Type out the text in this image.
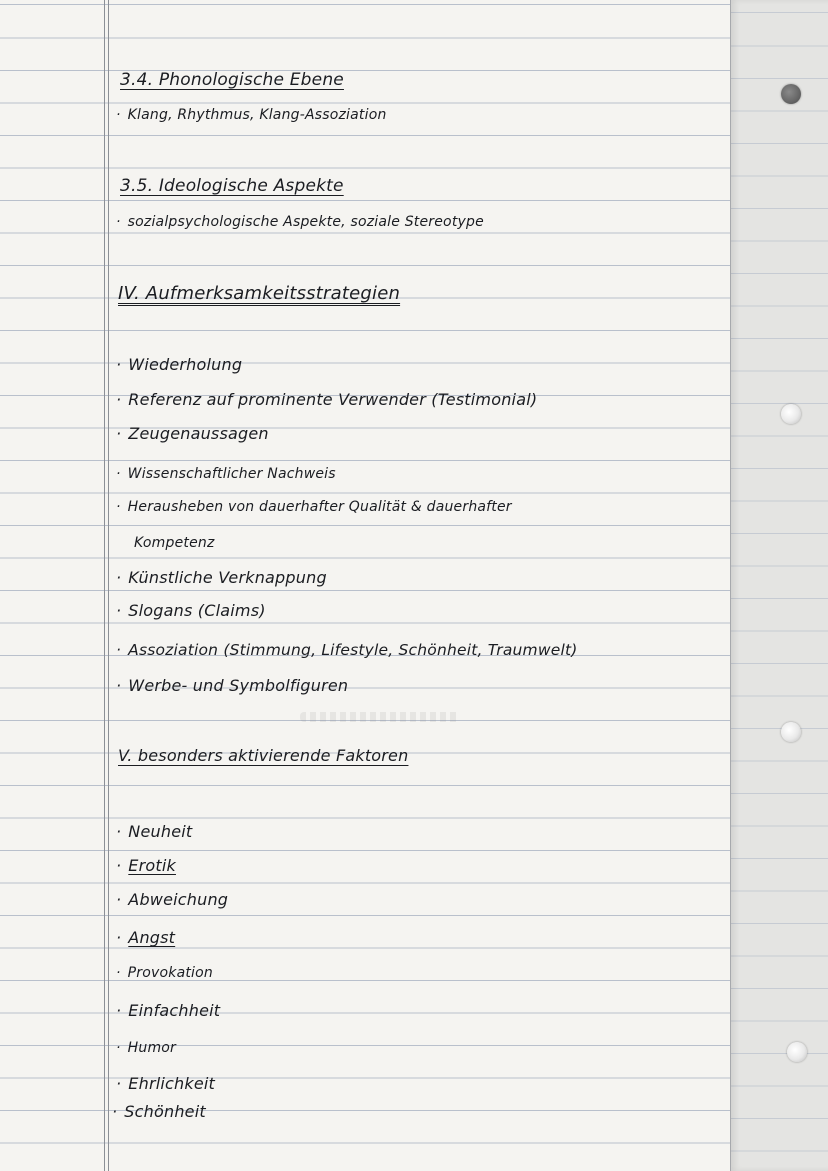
3.4. Phonologische Ebene
· Klang, Rhythmus, Klang-Assoziation
3.5. Ideologische Aspekte
· sozialpsychologische Aspekte, soziale Stereotype
IV. Aufmerksamkeitsstrategien
· Wiederholung
· Referenz auf prominente Verwender (Testimonial)
· Zeugenaussagen
· Wissenschaftlicher Nachweis
· Herausheben von dauerhafter Qualität & dauerhafter
Kompetenz
· Künstliche Verknappung
· Slogans (Claims)
· Assoziation (Stimmung, Lifestyle, Schönheit, Traumwelt)
· Werbe- und Symbolfiguren
V. besonders aktivierende Faktoren
· Neuheit
· Erotik
· Abweichung
· Angst
· Provokation
· Einfachheit
· Humor
· Ehrlichkeit
· Schönheit
